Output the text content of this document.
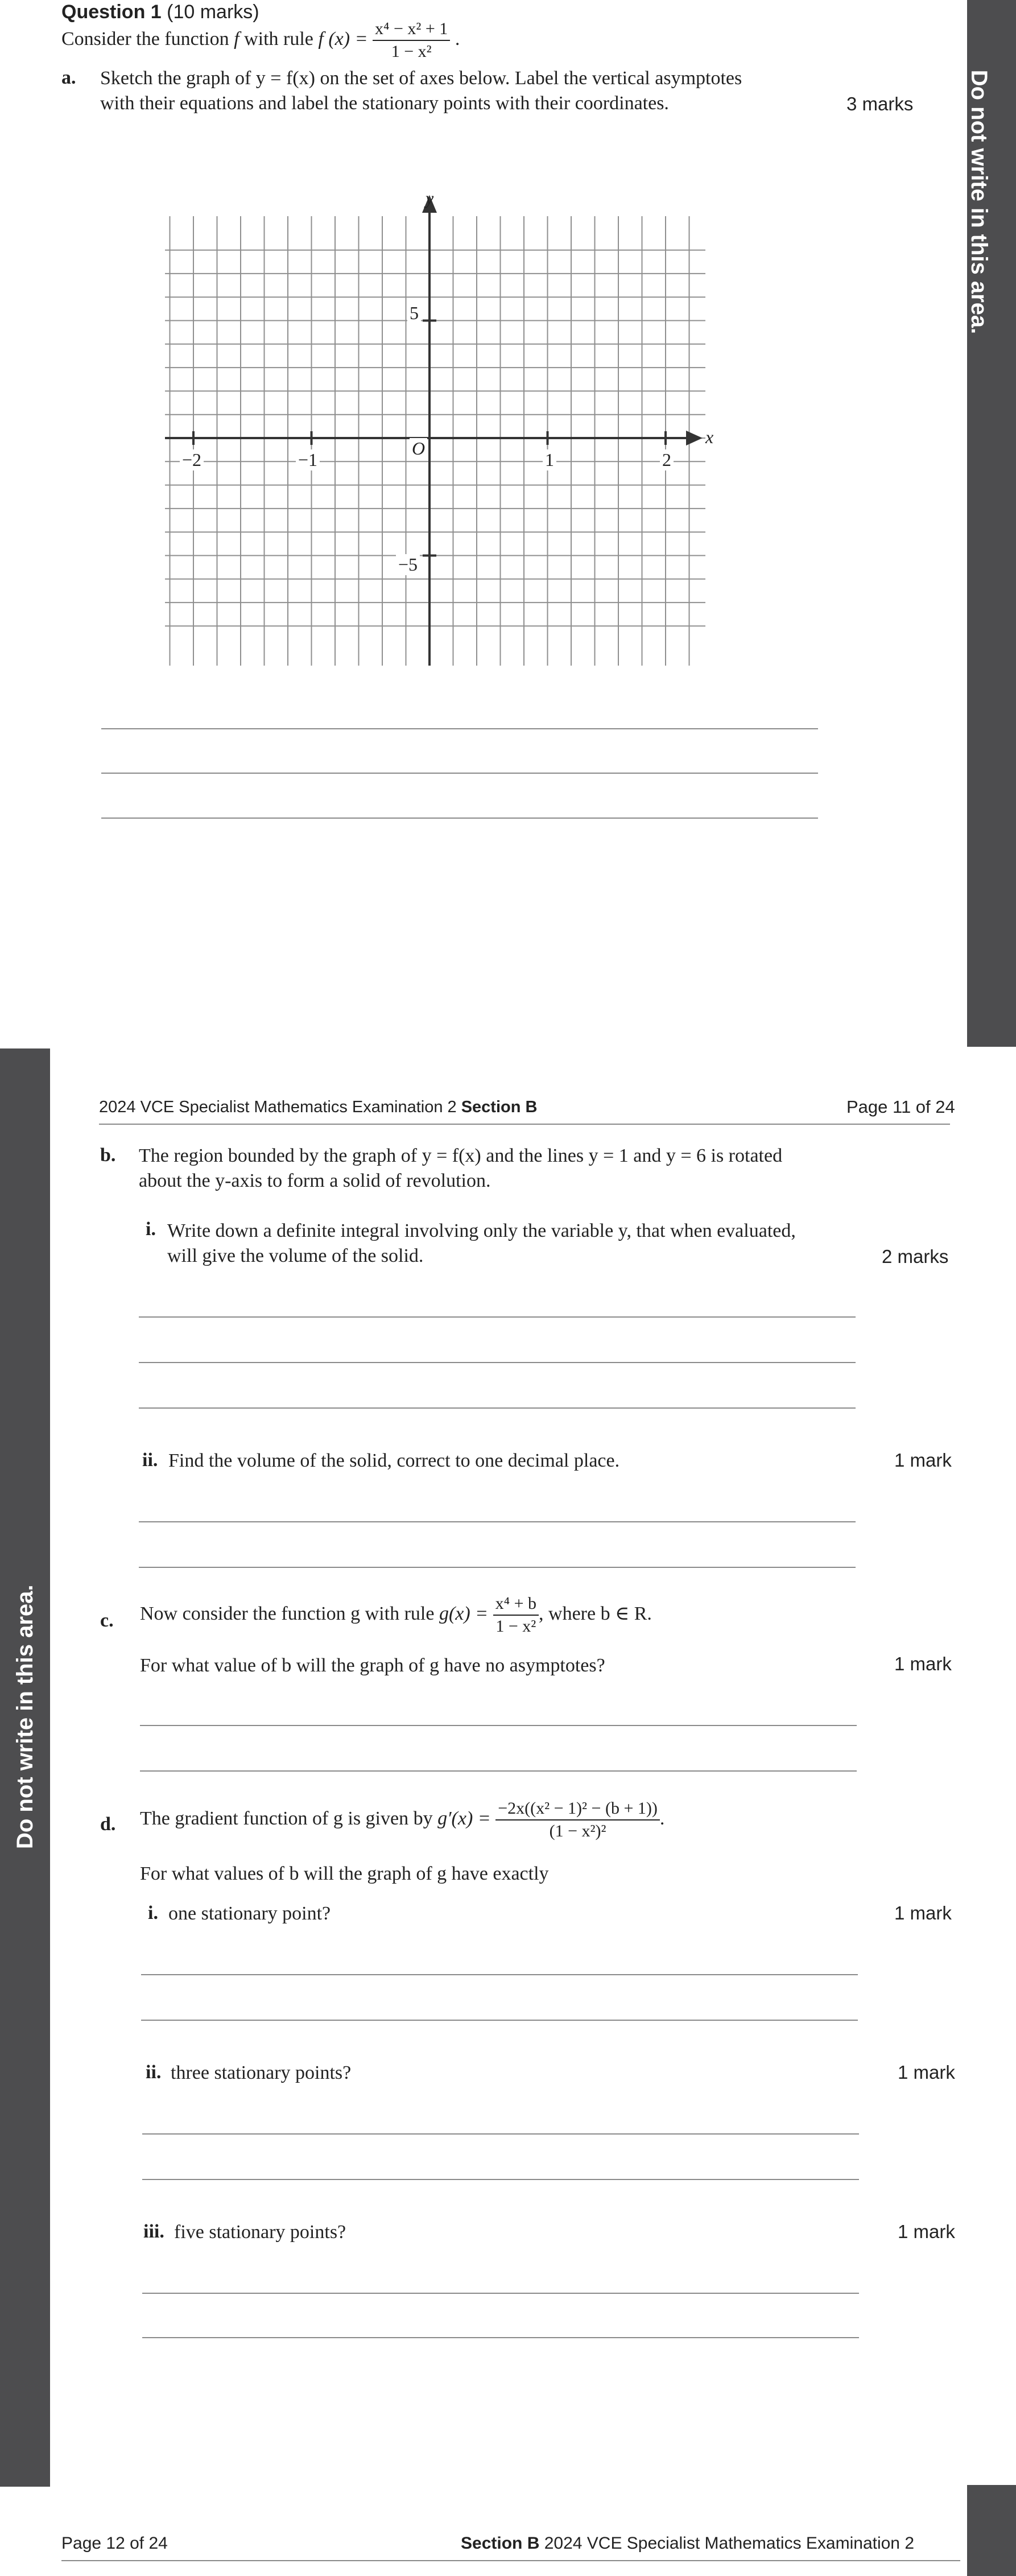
Question 1 (10 marks)
Consider the function f with rule f $(x) = \frac{\text{x⁴ − x² + 1}}{\text{1 − x²}}$ .
a. Sketch the graph of y = f(x) on the set of axes below. Label the vertical asymptotes
with their equations and label the stationary points with their coordinates.	3 marks
y
x
O
−2	−1	1	2
5
−5
Do not write in this area.
Do not write in this area.
2024 VCE Specialist Mathematics Examination 2 Section B	Page 11 of 24
b. The region bounded by the graph of y = f(x) and the lines y = 1 and y = 6 is rotated
about the y-axis to form a solid of revolution.
i. Write down a definite integral involving only the variable y, that when evaluated,
will give the volume of the solid.	2 marks
ii. Find the volume of the solid, correct to one decimal place.	1 mark
c. Now consider the function g with rule $g(x) = \frac{\text{x⁴ + b}}{\text{1 − x²}}$ , where b ∈ R.
For what value of b will the graph of g have no asymptotes?	1 mark
d. The gradient function of g is given by $g'(x) = \frac{\text{−2x((x² − 1)² − (b + 1))}}{\text{(1 − x²)²}}$ .
For what values of b will the graph of g have exactly
i. one stationary point?	1 mark
ii. three stationary points?	1 mark
iii. five stationary points?	1 mark
Page 12 of 24	Section B 2024 VCE Specialist Mathematics Examination 2
